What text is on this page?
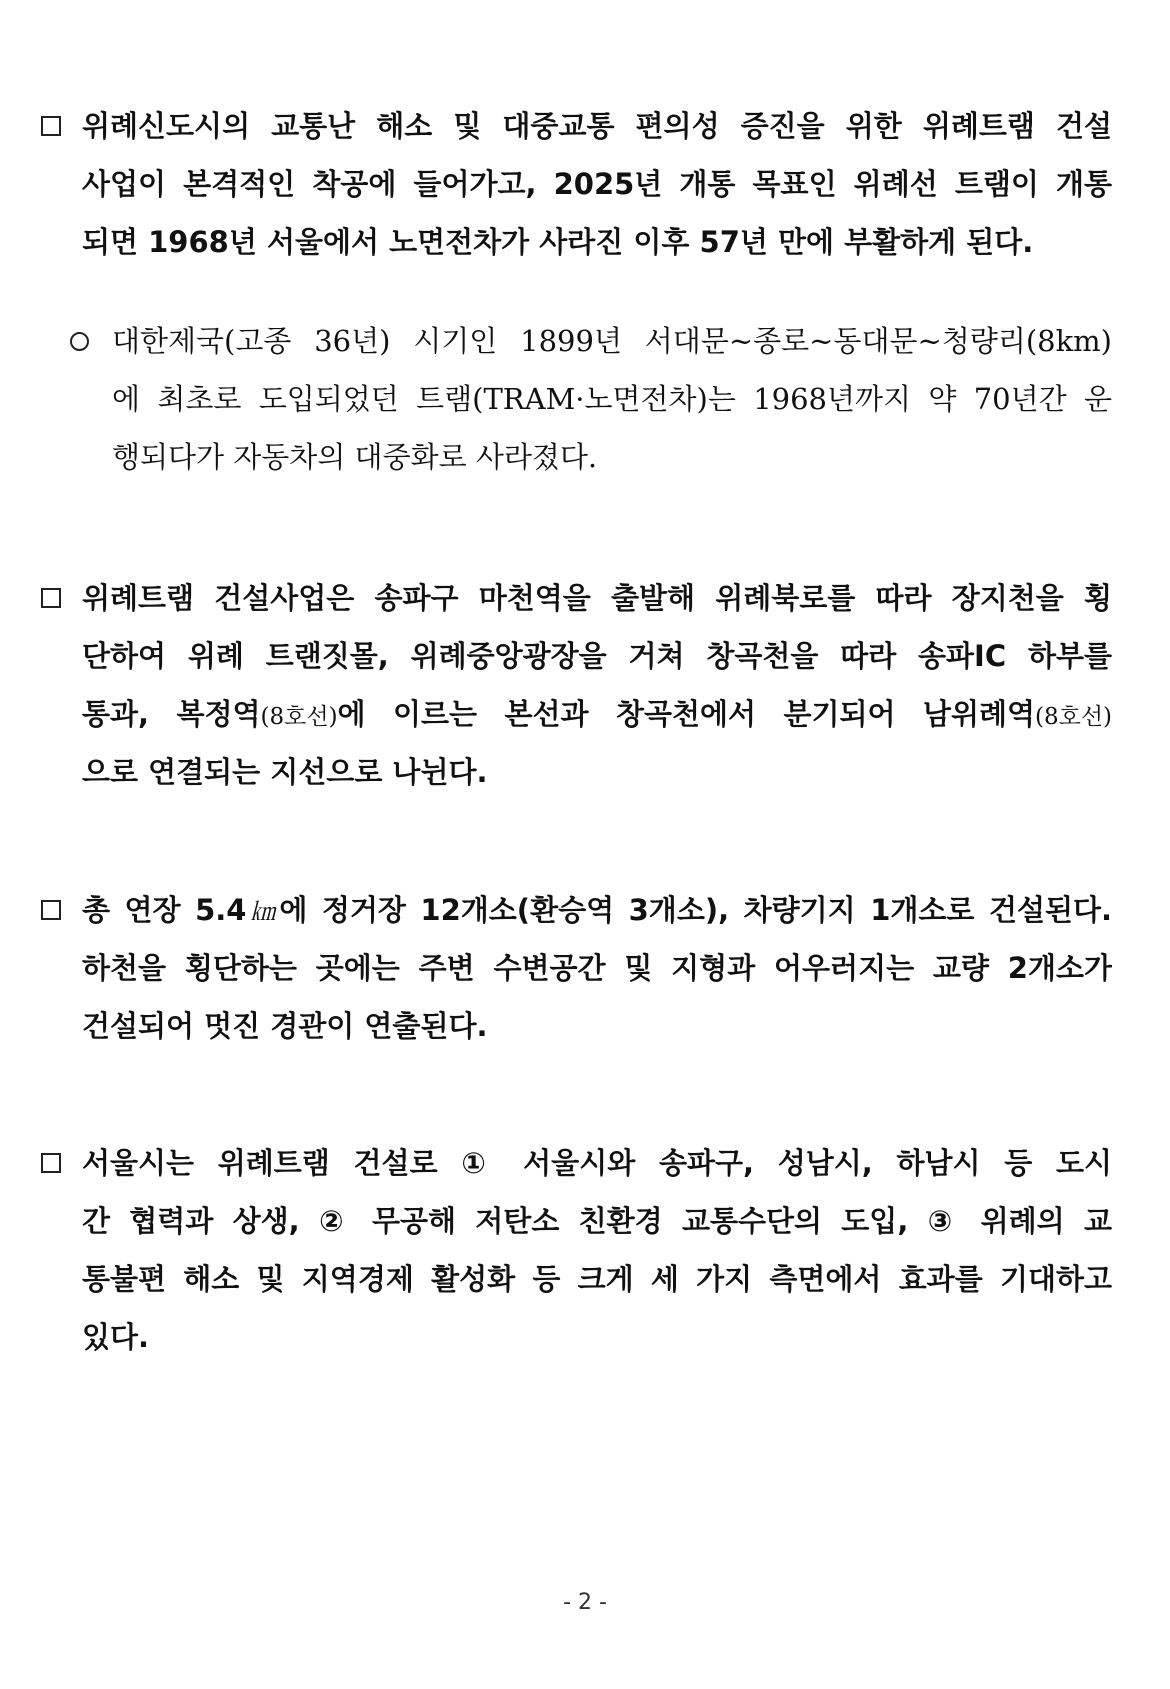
위례신도시의 교통난 해소 및 대중교통 편의성 증진을 위한 위례트램 건설
사업이 본격적인 착공에 들어가고, 2025년 개통 목표인 위례선 트램이 개통
되면 1968년 서울에서 노면전차가 사라진 이후 57년 만에 부활하게 된다.
대한제국(고종 36년) 시기인 1899년 서대문~종로~동대문~청량리(8km)
에 최초로 도입되었던 트램(TRAM·노면전차)는 1968년까지 약 70년간 운
행되다가 자동차의 대중화로 사라졌다.
위례트램 건설사업은 송파구 마천역을 출발해 위례북로를 따라 장지천을 횡
단하여 위례 트랜짓몰, 위례중앙광장을 거쳐 창곡천을 따라 송파IC 하부를
통과, 복정역(8호선)에 이르는 본선과 창곡천에서 분기되어 남위례역(8호선)
으로 연결되는 지선으로 나뉜다.
총 연장 5.4㎞에 정거장 12개소(환승역 3개소), 차량기지 1개소로 건설된다.
하천을 횡단하는 곳에는 주변 수변공간 및 지형과 어우러지는 교량 2개소가
건설되어 멋진 경관이 연출된다.
서울시는 위례트램 건설로 ① 서울시와 송파구, 성남시, 하남시 등 도시
간 협력과 상생, ② 무공해 저탄소 친환경 교통수단의 도입, ③ 위례의 교
통불편 해소 및 지역경제 활성화 등 크게 세 가지 측면에서 효과를 기대하고
있다.
- 2 -
